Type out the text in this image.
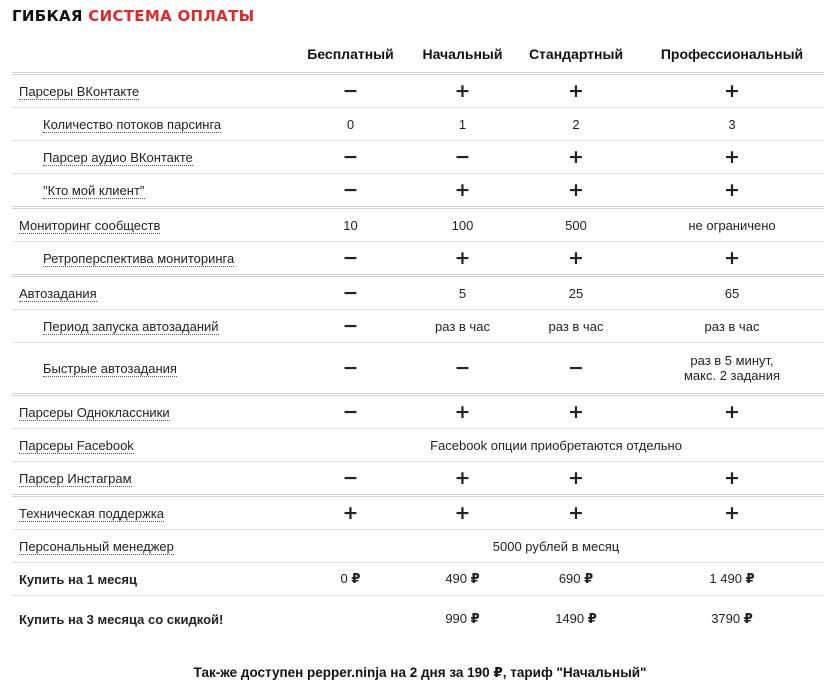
ГИБКАЯ СИСТЕМА ОПЛАТЫ
	Бесплатный	Начальный	Стандартный	Профессиональный
Парсеры ВКонтакте	−	+	+	+
Количество потоков парсинга	0	1	2	3
Парсер аудио ВКонтакте	−	−	+	+
"Кто мой клиент"	−	+	+	+
Мониторинг сообществ	10	100	500	не ограничено
Ретроперспектива мониторинга	−	+	+	+
Автозадания	−	5	25	65
Период запуска автозаданий	−	раз в час	раз в час	раз в час
Быстрые автозадания	−	−	−	раз в 5 минут,
макс. 2 задания
Парсеры Одноклассники	−	+	+	+
Парсеры Facebook	Facebook опции приобретаются отдельно			
Парсер Инстаграм	−	+	+	+
Техническая поддержка	+	+	+	+
Персональный менеджер	5000 рублей в месяц			
Купить на 1 месяц	0 ₽	490 ₽	690 ₽	1 490 ₽
Купить на 3 месяца со скидкой!		990 ₽	1490 ₽	3790 ₽
Так-же доступен pepper.ninja на 2 дня за 190 ₽, тариф "Начальный"
